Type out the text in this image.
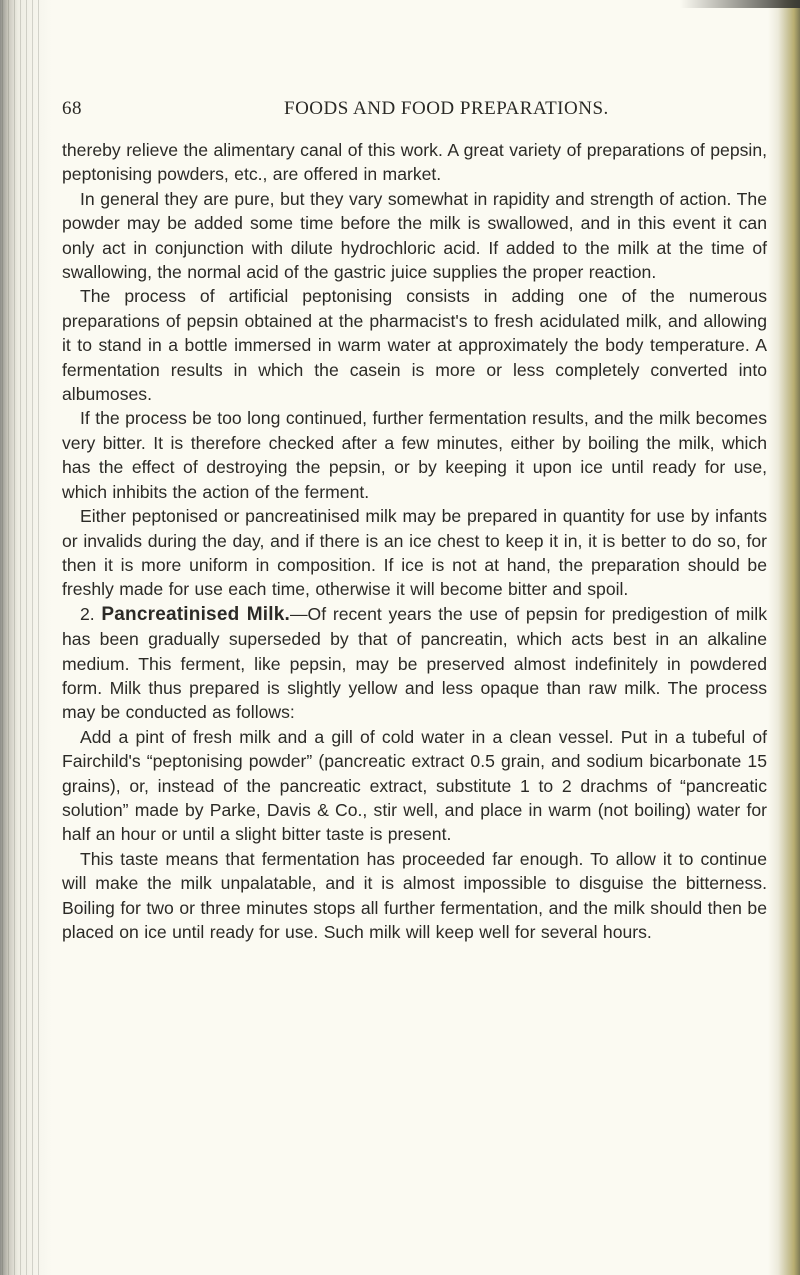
68	FOODS AND FOOD PREPARATIONS.

thereby relieve the alimentary canal of this work. A great variety of preparations of pepsin, peptonising powders, etc., are offered in market.

In general they are pure, but they vary somewhat in rapidity and strength of action. The powder may be added some time before the milk is swallowed, and in this event it can only act in conjunction with dilute hydrochloric acid. If added to the milk at the time of swallowing, the normal acid of the gastric juice supplies the proper reaction.

The process of artificial peptonising consists in adding one of the numerous preparations of pepsin obtained at the pharmacist's to fresh acidulated milk, and allowing it to stand in a bottle immersed in warm water at approximately the body temperature. A fermentation results in which the casein is more or less completely converted into albumoses.

If the process be too long continued, further fermentation results, and the milk becomes very bitter. It is therefore checked after a few minutes, either by boiling the milk, which has the effect of destroying the pepsin, or by keeping it upon ice until ready for use, which inhibits the action of the ferment.

Either peptonised or pancreatinised milk may be prepared in quantity for use by infants or invalids during the day, and if there is an ice chest to keep it in, it is better to do so, for then it is more uniform in composition. If ice is not at hand, the preparation should be freshly made for use each time, otherwise it will become bitter and spoil.

2. Pancreatinised Milk.—Of recent years the use of pepsin for predigestion of milk has been gradually superseded by that of pancreatin, which acts best in an alkaline medium. This ferment, like pepsin, may be preserved almost indefinitely in powdered form. Milk thus prepared is slightly yellow and less opaque than raw milk. The process may be conducted as follows:

Add a pint of fresh milk and a gill of cold water in a clean vessel. Put in a tubeful of Fairchild's “peptonising powder” (pancreatic extract 0.5 grain, and sodium bicarbonate 15 grains), or, instead of the pancreatic extract, substitute 1 to 2 drachms of “pancreatic solution” made by Parke, Davis & Co., stir well, and place in warm (not boiling) water for half an hour or until a slight bitter taste is present.

This taste means that fermentation has proceeded far enough. To allow it to continue will make the milk unpalatable, and it is almost impossible to disguise the bitterness. Boiling for two or three minutes stops all further fermentation, and the milk should then be placed on ice until ready for use. Such milk will keep well for several hours.
